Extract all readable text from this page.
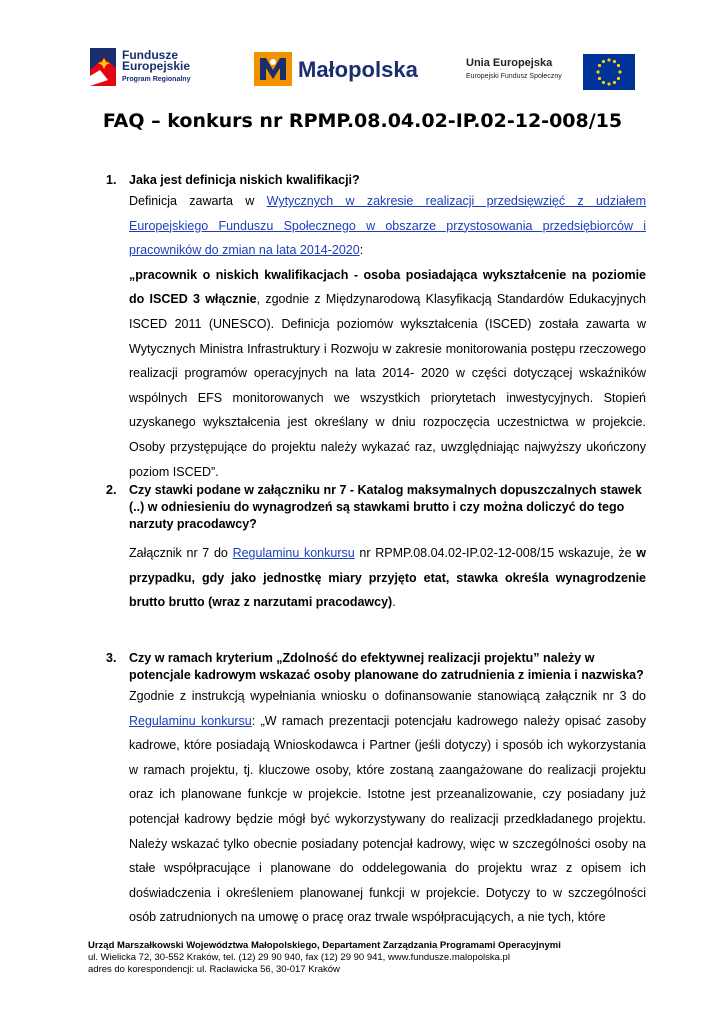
Fundusze
Europejskie
Program Regionalny	Małopolska	Unia Europejska
Europejski Fundusz Społeczny
FAQ – konkurs nr RPMP.08.04.02-IP.02-12-008/15
1. Jaka jest definicja niskich kwalifikacji?
Definicja zawarta w Wytycznych w zakresie realizacji przedsięwzięć z udziałem Europejskiego Funduszu Społecznego w obszarze przystosowania przedsiębiorców i pracowników do zmian na lata 2014-2020:
„pracownik o niskich kwalifikacjach - osoba posiadająca wykształcenie na poziomie do ISCED 3 włącznie, zgodnie z Międzynarodową Klasyfikacją Standardów Edukacyjnych ISCED 2011 (UNESCO). Definicja poziomów wykształcenia (ISCED) została zawarta w Wytycznych Ministra Infrastruktury i Rozwoju w zakresie monitorowania postępu rzeczowego realizacji programów operacyjnych na lata 2014- 2020 w części dotyczącej wskaźników wspólnych EFS monitorowanych we wszystkich priorytetach inwestycyjnych. Stopień uzyskanego wykształcenia jest określany w dniu rozpoczęcia uczestnictwa w projekcie. Osoby przystępujące do projektu należy wykazać raz, uwzględniając najwyższy ukończony poziom ISCED”.
2. Czy stawki podane w załączniku nr 7 - Katalog maksymalnych dopuszczalnych stawek (..) w odniesieniu do wynagrodzeń są stawkami brutto i czy można doliczyć do tego narzuty pracodawcy?
Załącznik nr 7 do Regulaminu konkursu nr RPMP.08.04.02-IP.02-12-008/15 wskazuje, że w przypadku, gdy jako jednostkę miary przyjęto etat, stawka określa wynagrodzenie brutto brutto (wraz z narzutami pracodawcy).
3. Czy w ramach kryterium „Zdolność do efektywnej realizacji projektu” należy w potencjale kadrowym wskazać osoby planowane do zatrudnienia z imienia i nazwiska?
Zgodnie z instrukcją wypełniania wniosku o dofinansowanie stanowiącą załącznik nr 3 do Regulaminu konkursu: „W ramach prezentacji potencjału kadrowego należy opisać zasoby kadrowe, które posiadają Wnioskodawca i Partner (jeśli dotyczy) i sposób ich wykorzystania w ramach projektu, tj. kluczowe osoby, które zostaną zaangażowane do realizacji projektu oraz ich planowane funkcje w projekcie. Istotne jest przeanalizowanie, czy posiadany już potencjał kadrowy będzie mógł być wykorzystywany do realizacji przedkładanego projektu. Należy wskazać tylko obecnie posiadany potencjał kadrowy, więc w szczególności osoby na stałe współpracujące i planowane do oddelegowania do projektu wraz z opisem ich doświadczenia i określeniem planowanej funkcji w projekcie. Dotyczy to w szczególności osób zatrudnionych na umowę o pracę oraz trwale współpracujących, a nie tych, które
Urząd Marszałkowski Województwa Małopolskiego, Departament Zarządzania Programami Operacyjnymi
ul. Wielicka 72, 30-552 Kraków, tel. (12) 29 90 940, fax (12) 29 90 941, www.fundusze.malopolska.pl
adres do korespondencji: ul. Racławicka 56, 30-017 Kraków
